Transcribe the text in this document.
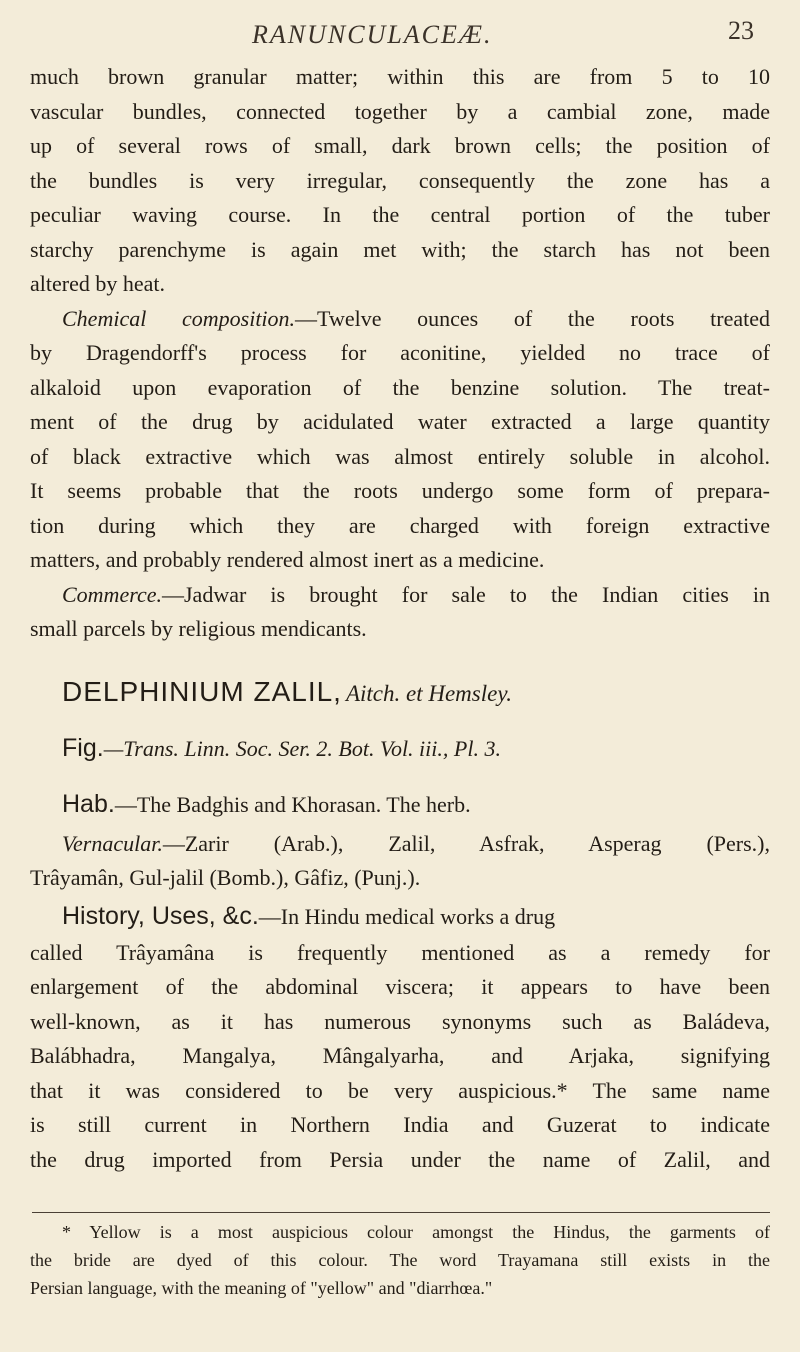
RANUNCULACEÆ.	23
much brown granular matter; within this are from 5 to 10
vascular bundles, connected together by a cambial zone, made
up of several rows of small, dark brown cells; the position of
the bundles is very irregular, consequently the zone has a
peculiar waving course. In the central portion of the tuber
starchy parenchyme is again met with; the starch has not been
altered by heat.
Chemical composition.—Twelve ounces of the roots treated
by Dragendorff's process for aconitine, yielded no trace of
alkaloid upon evaporation of the benzine solution. The treat-
ment of the drug by acidulated water extracted a large quantity
of black extractive which was almost entirely soluble in alcohol.
It seems probable that the roots undergo some form of prepara-
tion during which they are charged with foreign extractive
matters, and probably rendered almost inert as a medicine.
Commerce.—Jadwar is brought for sale to the Indian cities in
small parcels by religious mendicants.
DELPHINIUM ZALIL, Aitch. et Hemsley.
Fig.—Trans. Linn. Soc. Ser. 2. Bot. Vol. iii., Pl. 3.
Hab.—The Badghis and Khorasan. The herb.
Vernacular.—Zarir (Arab.), Zalil, Asfrak, Asperag (Pers.),
Trâyamân, Gul-jalil (Bomb.), Gâfiz, (Punj.).
History, Uses, &c.—In Hindu medical works a drug
called Trâyamâna is frequently mentioned as a remedy for
enlargement of the abdominal viscera; it appears to have been
well-known, as it has numerous synonyms such as Baládeva,
Balábhadra, Mangalya, Mângalyarha, and Arjaka, signifying
that it was considered to be very auspicious.* The same name
is still current in Northern India and Guzerat to indicate
the drug imported from Persia under the name of Zalil, and
* Yellow is a most auspicious colour amongst the Hindus, the garments of
the bride are dyed of this colour. The word Trayamana still exists in the
Persian language, with the meaning of "yellow" and "diarrhœa."
